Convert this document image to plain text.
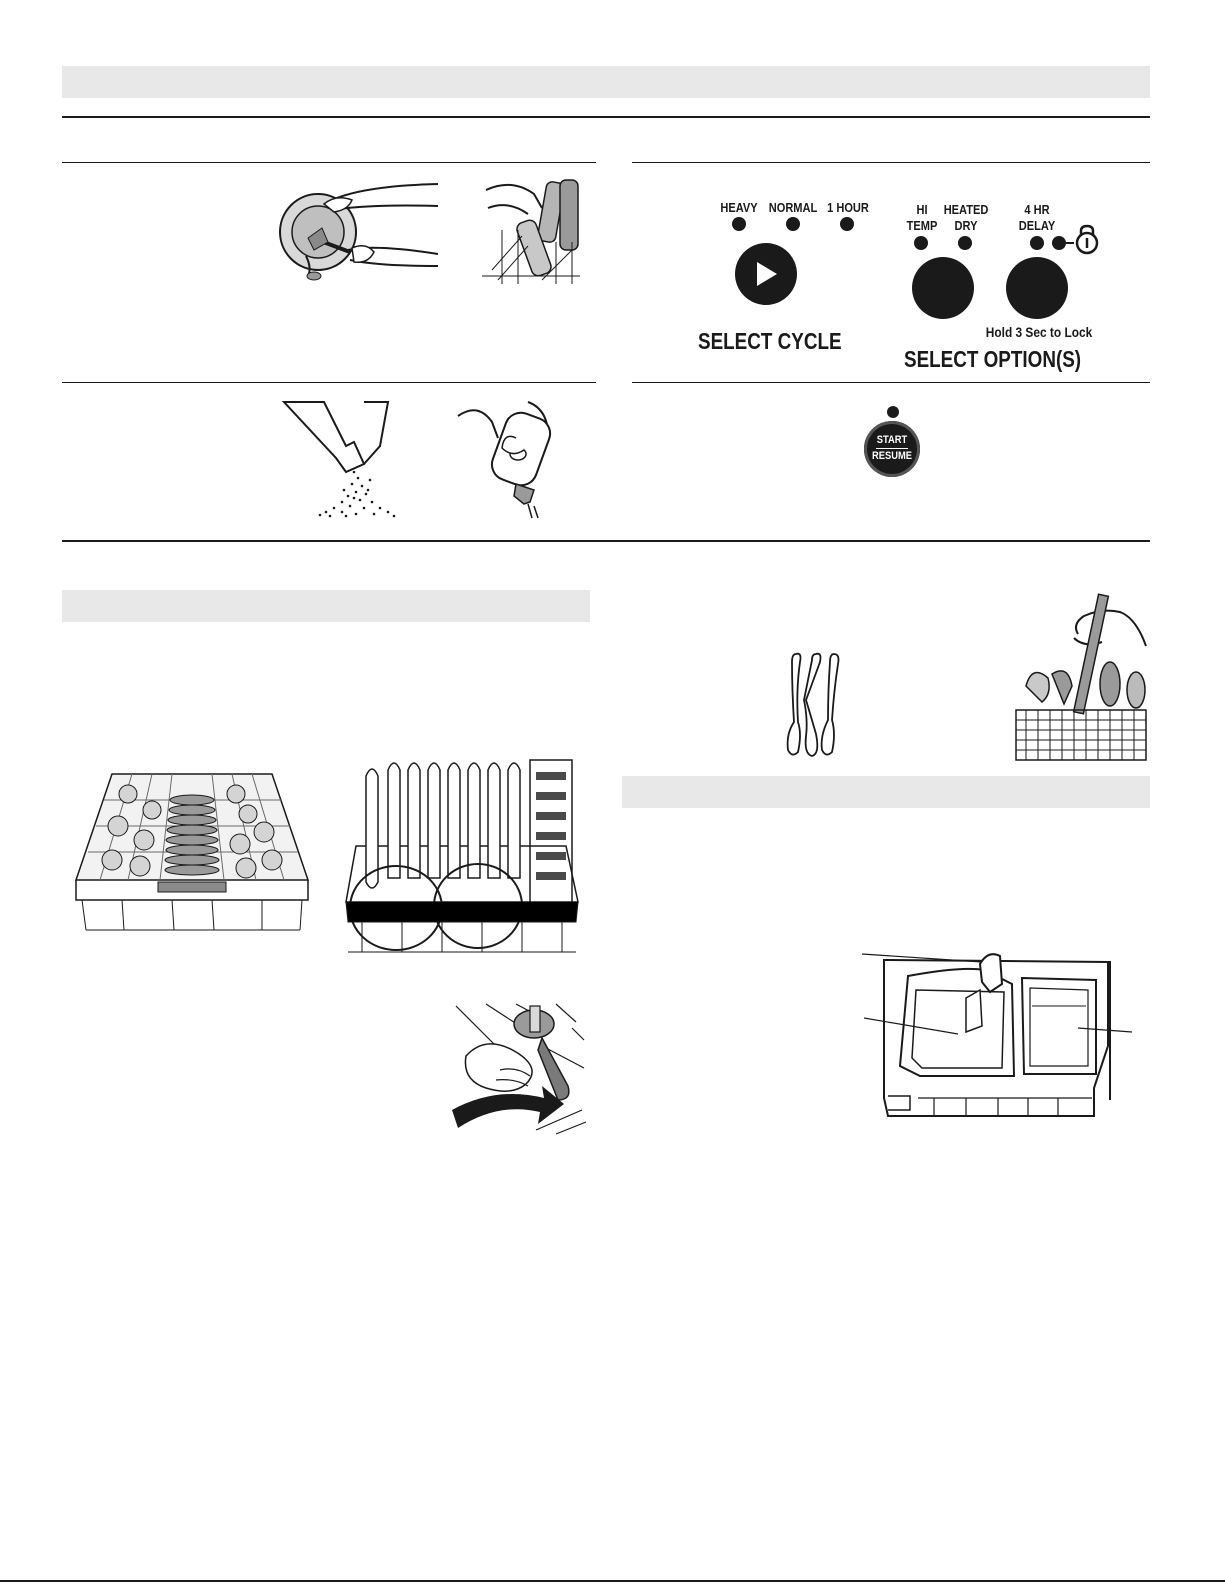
HEAVY NORMAL 1 HOUR
SELECT CYCLE
HI
TEMP
HEATED
DRY
4 HR
DELAY
Hold 3 Sec to Lock
SELECT OPTION(S)
START
RESUME
